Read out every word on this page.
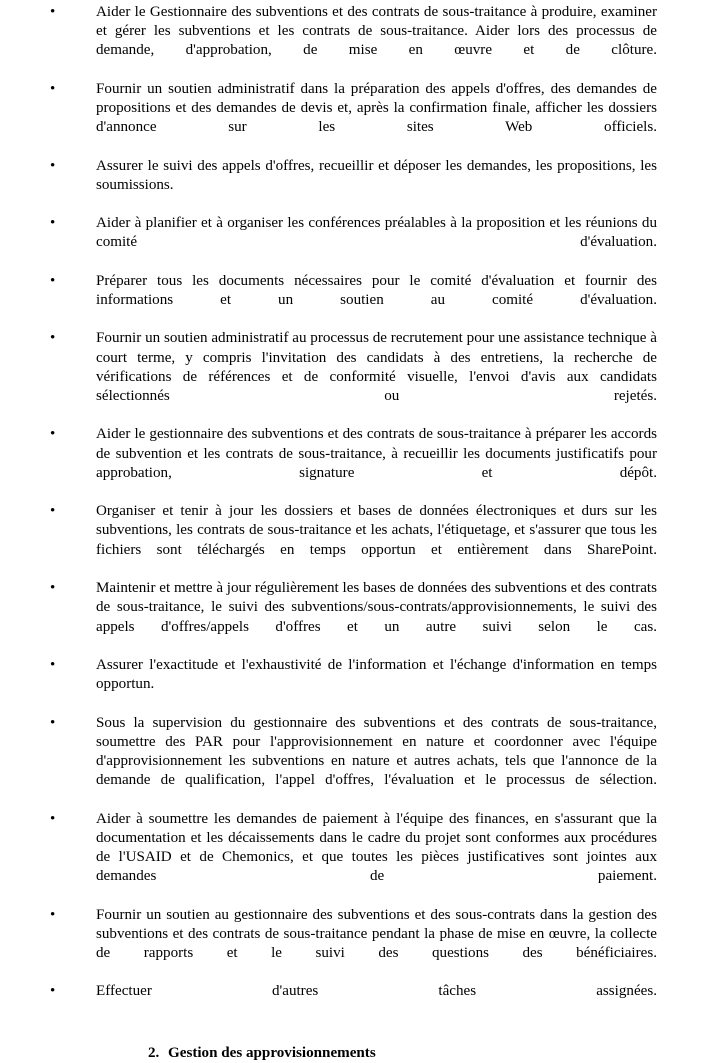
•	Aider le Gestionnaire des subventions et des contrats de sous-traitance à produire, examiner et gérer les subventions et les contrats de sous-traitance. Aider lors des processus de demande, d'approbation, de mise en œuvre et de clôture.
•	Fournir un soutien administratif dans la préparation des appels d'offres, des demandes de propositions et des demandes de devis et, après la confirmation finale, afficher les dossiers d'annonce sur les sites Web officiels.
•	Assurer le suivi des appels d'offres, recueillir et déposer les demandes, les propositions, les soumissions.
•	Aider à planifier et à organiser les conférences préalables à la proposition et les réunions du comité d'évaluation.
•	Préparer tous les documents nécessaires pour le comité d'évaluation et fournir des informations et un soutien au comité d'évaluation.
•	Fournir un soutien administratif au processus de recrutement pour une assistance technique à court terme, y compris l'invitation des candidats à des entretiens, la recherche de vérifications de références et de conformité visuelle, l'envoi d'avis aux candidats sélectionnés ou rejetés.
•	Aider le gestionnaire des subventions et des contrats de sous-traitance à préparer les accords de subvention et les contrats de sous-traitance, à recueillir les documents justificatifs pour approbation, signature et dépôt.
•	Organiser et tenir à jour les dossiers et bases de données électroniques et durs sur les subventions, les contrats de sous-traitance et les achats, l'étiquetage, et s'assurer que tous les fichiers sont téléchargés en temps opportun et entièrement dans SharePoint.
•	Maintenir et mettre à jour régulièrement les bases de données des subventions et des contrats de sous-traitance, le suivi des subventions/sous-contrats/approvisionnements, le suivi des appels d'offres/appels d'offres et un autre suivi selon le cas.
•	Assurer l'exactitude et l'exhaustivité de l'information et l'échange d'information en temps opportun.
•	Sous la supervision du gestionnaire des subventions et des contrats de sous-traitance, soumettre des PAR pour l'approvisionnement en nature et coordonner avec l'équipe d'approvisionnement les subventions en nature et autres achats, tels que l'annonce de la demande de qualification, l'appel d'offres, l'évaluation et le processus de sélection.
•	Aider à soumettre les demandes de paiement à l'équipe des finances, en s'assurant que la documentation et les décaissements dans le cadre du projet sont conformes aux procédures de l'USAID et de Chemonics, et que toutes les pièces justificatives sont jointes aux demandes de paiement.
•	Fournir un soutien au gestionnaire des subventions et des sous-contrats dans la gestion des subventions et des contrats de sous-traitance pendant la phase de mise en œuvre, la collecte de rapports et le suivi des questions des bénéficiaires.
•	Effectuer d'autres tâches assignées.
2. Gestion des approvisionnements
